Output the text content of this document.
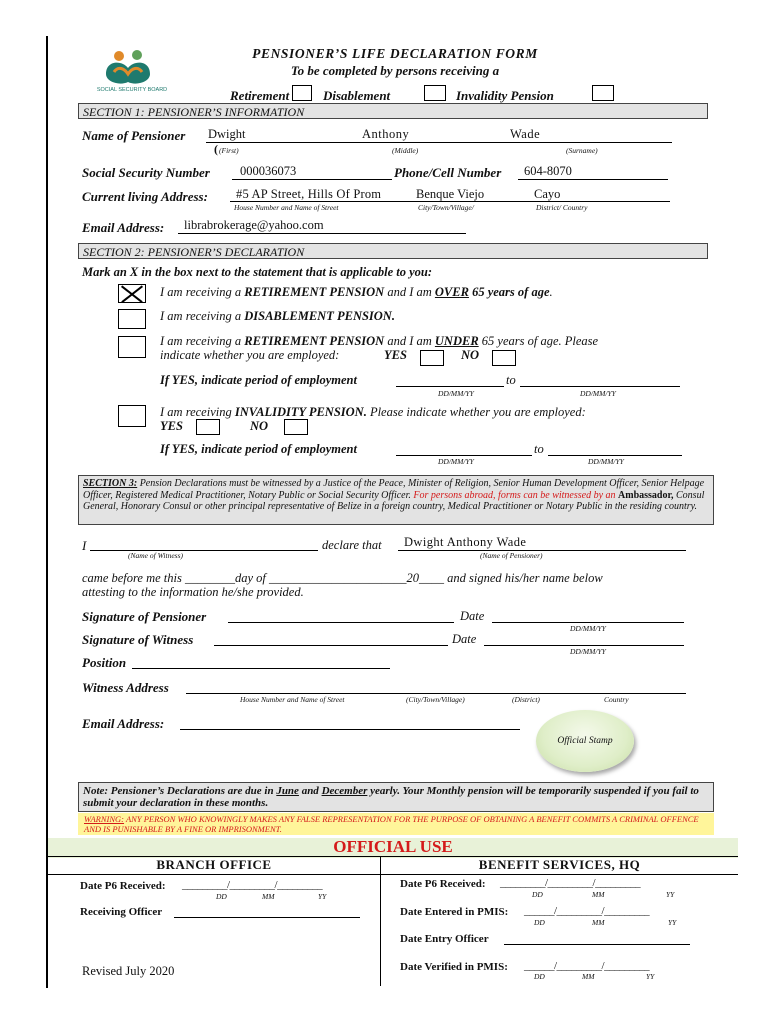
SOCIAL SECURITY BOARD
PENSIONER’S LIFE DECLARATION FORM
To be completed by persons receiving a
Retirement	Disablement	Invalidity Pension
SECTION 1: PENSIONER’S INFORMATION
Name of Pensioner Dwight	Anthony	Wade
( (First)	(Middle)	(Surname)
Social Security Number 000036073	Phone/Cell Number 604-8070
Current living Address: #5 AP Street, Hills Of Prom	Benque Viejo	Cayo
House Number and Name of Street	City/Town/Village/	District/ Country
Email Address: librabrokerage@yahoo.com
SECTION 2: PENSIONER’S DECLARATION
Mark an X in the box next to the statement that is applicable to you:
I am receiving a RETIREMENT PENSION and I am OVER 65 years of age.
I am receiving a DISABLEMENT PENSION.
I am receiving a RETIREMENT PENSION and I am UNDER 65 years of age. Please
indicate whether you are employed:	YES	NO
If YES, indicate period of employment	to
DD/MM/YY	DD/MM/YY
I am receiving INVALIDITY PENSION. Please indicate whether you are employed:
YES	NO
If YES, indicate period of employment	to
DD/MM/YY	DD/MM/YY
SECTION 3: Pension Declarations must be witnessed by a Justice of the Peace, Minister of Religion, Senior Human Development Officer, Senior Helpage Officer, Registered Medical Practitioner, Notary Public or Social Security Officer. For persons abroad, forms can be witnessed by an Ambassador, Consul General, Honorary Consul or other principal representative of Belize in a foreign country, Medical Practitioner or Notary Public in the residing country.
I	declare that Dwight Anthony Wade
(Name of Witness)	(Name of Pensioner)
came before me this ________day of ______________________20____ and signed his/her name below
attesting to the information he/she provided.
Signature of Pensioner	Date
DD/MM/YY
Signature of Witness	Date
DD/MM/YY
Position
Witness Address
House Number and Name of Street	(City/Town/Village)	(District)	Country
Email Address:
Official Stamp
Note: Pensioner’s Declarations are due in June and December yearly. Your Monthly pension will be temporarily suspended if you fail to submit your declaration in these months.
WARNING: ANY PERSON WHO KNOWINGLY MAKES ANY FALSE REPRESENTATION FOR THE PURPOSE OF OBTAINING A BENEFIT COMMITS A CRIMINAL OFFENCE AND IS PUNISHABLE BY A FINE OR IMPRISONMENT.
OFFICIAL USE
BRANCH OFFICE	BENEFIT SERVICES, HQ
Date P6 Received: _________/_________/_________
DD	MM	YY
Receiving Officer
Revised July 2020
Date P6 Received: _________/_________/_________
DD	MM	YY
Date Entered in PMIS: ______/_________/_________
DD	MM	YY
Date Entry Officer
Date Verified in PMIS: ______/_________/_________
DD	MM	YY
